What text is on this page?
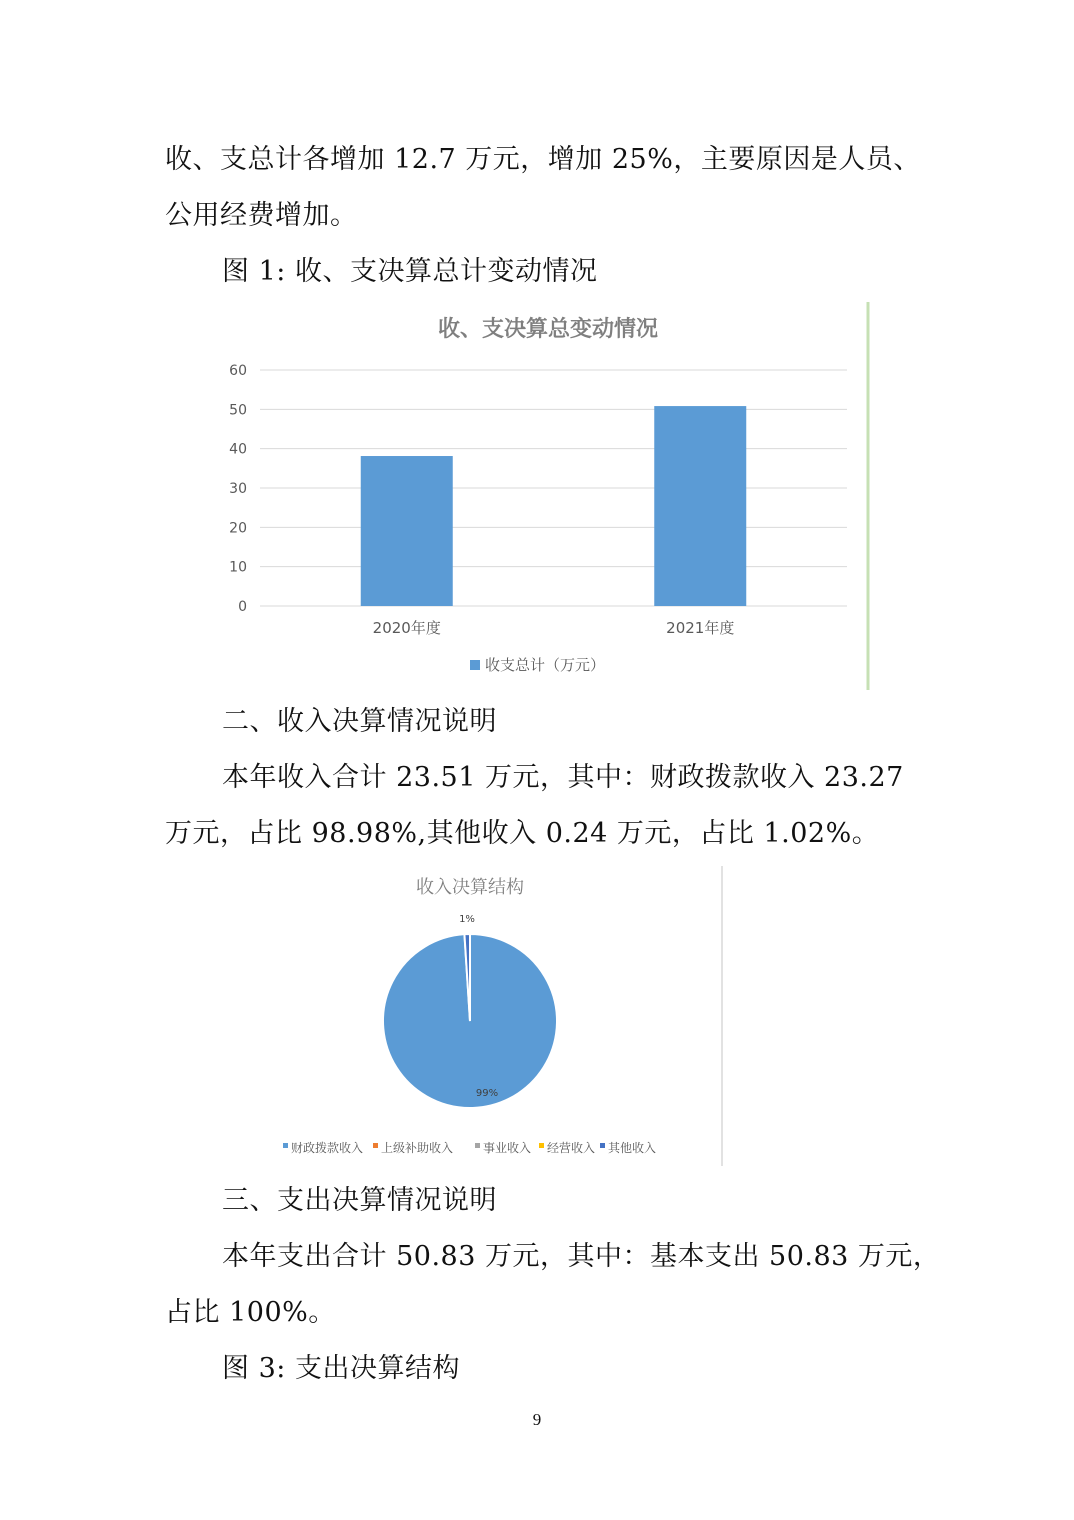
收、支总计各增加 12.7 万元，增加 25%，主要原因是人员、
公用经费增加。
图 1: 收、支决算总计变动情况
收、支决算总变动情况
0
10
20
30
40
50
60
2020年度	2021年度
收支总计（万元）
二、收入决算情况说明
本年收入合计 23.51 万元，其中：财政拨款收入 23.27
万元，占比 98.98%,其他收入 0.24 万元，占比 1.02%。
收入决算结构
99%
1%
财政拨款收入 上级补助收入 事业收入 经营收入 其他收入
三、支出决算情况说明
本年支出合计 50.83 万元，其中：基本支出 50.83 万元，
占比 100%。
图 3: 支出决算结构
9
